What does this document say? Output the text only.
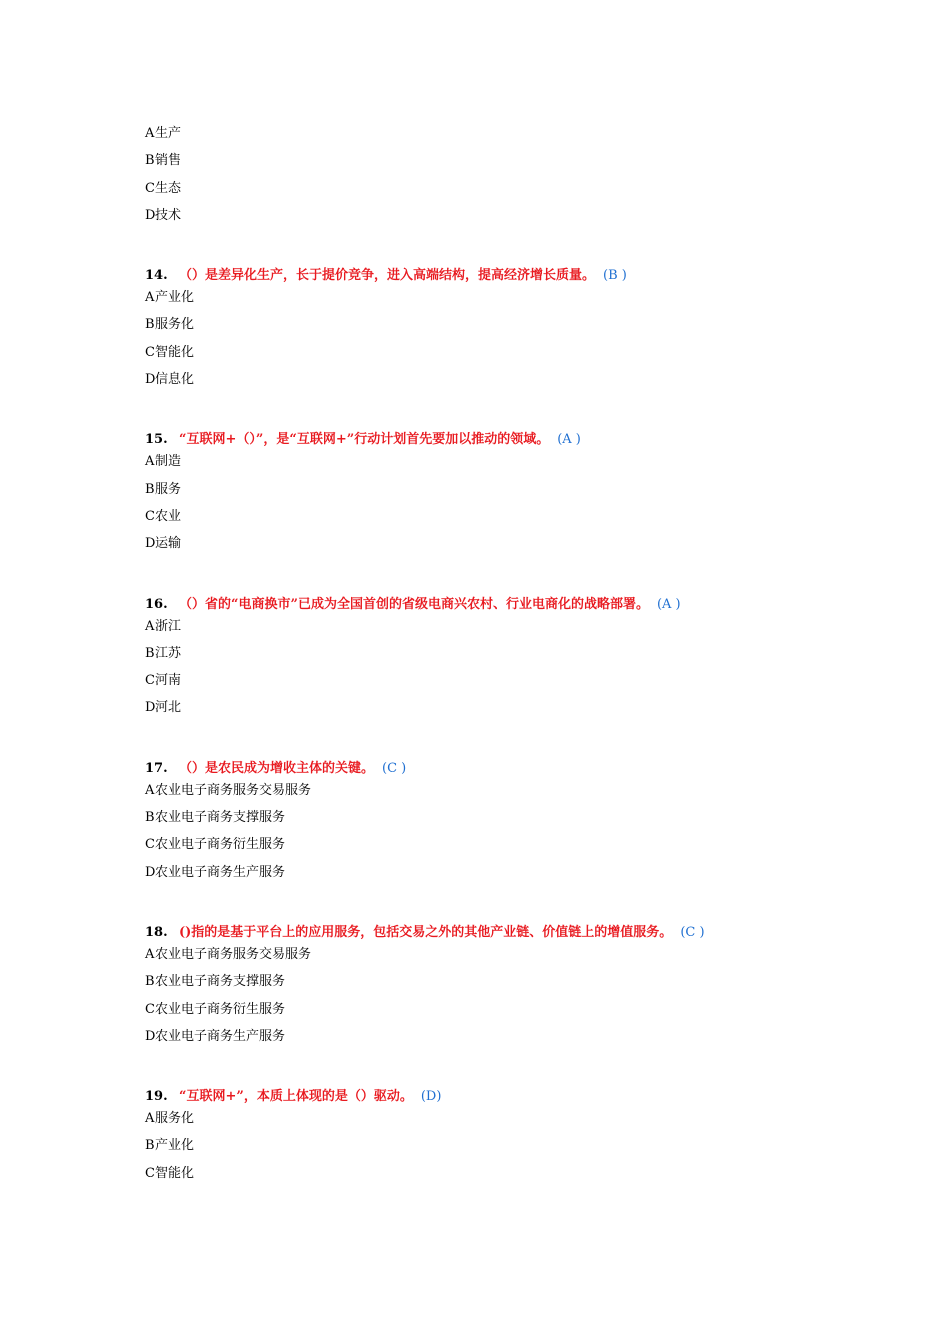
A生产
B销售
C生态
D技术
14. （）是差异化生产，长于提价竞争，进入高端结构，提高经济增长质量。 (B )
A产业化
B服务化
C智能化
D信息化
15. “互联网+（）”，是“互联网+”行动计划首先要加以推动的领域。 (A )
A制造
B服务
C农业
D运输
16. （）省的“电商换市”已成为全国首创的省级电商兴农村、行业电商化的战略部署。 (A )
A浙江
B江苏
C河南
D河北
17. （）是农民成为增收主体的关键。 (C )
A农业电子商务服务交易服务
B农业电子商务支撑服务
C农业电子商务衍生服务
D农业电子商务生产服务
18. ()指的是基于平台上的应用服务，包括交易之外的其他产业链、价值链上的增值服务。 (C )
A农业电子商务服务交易服务
B农业电子商务支撑服务
C农业电子商务衍生服务
D农业电子商务生产服务
19. “互联网+”，本质上体现的是（）驱动。 (D)
A服务化
B产业化
C智能化
